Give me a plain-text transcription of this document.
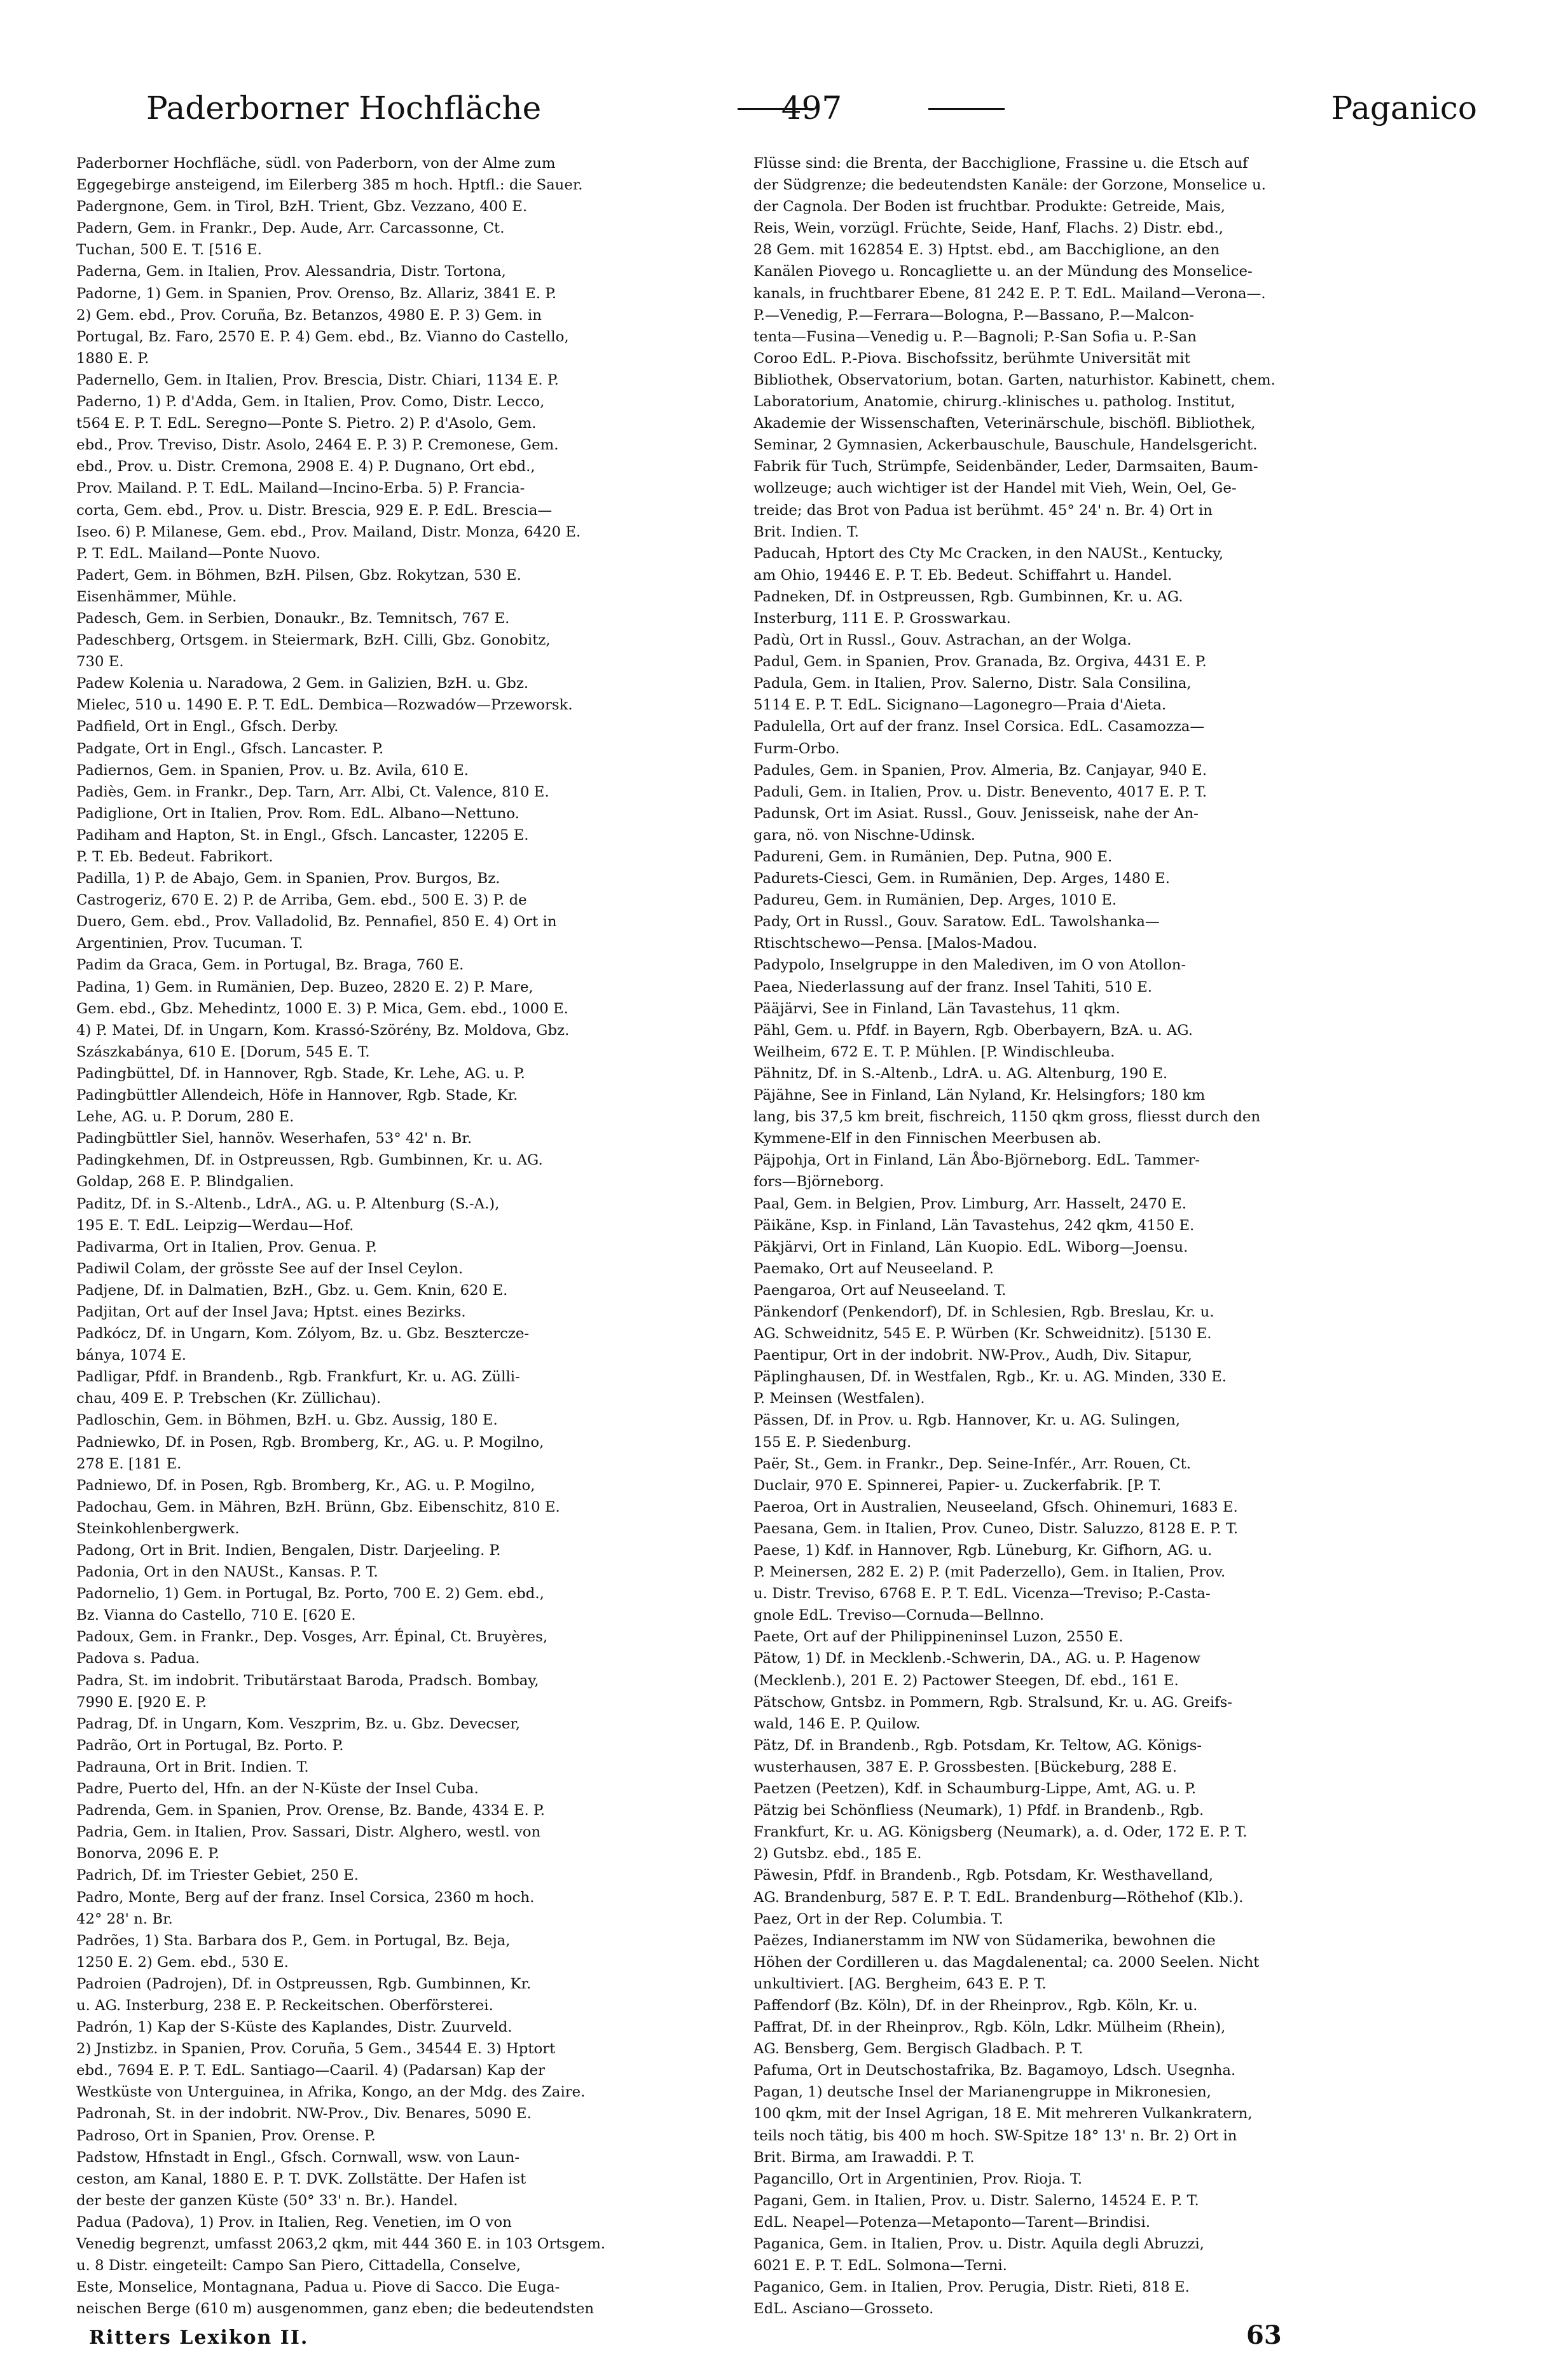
Paderborner Hochfläche	497	Paganico

Paderborner Hochfläche, südl. von Paderborn, von der Alme zum

Eggegebirge ansteigend, im Eilerberg 385 m hoch. Hptfl.: die Sauer.

Padergnone, Gem. in Tirol, BzH. Trient, Gbz. Vezzano, 400 E.

Padern, Gem. in Frankr., Dep. Aude, Arr. Carcassonne, Ct.

Tuchan, 500 E. T. [516 E.

Paderna, Gem. in Italien, Prov. Alessandria, Distr. Tortona,

Padorne, 1) Gem. in Spanien, Prov. Orenso, Bz. Allariz, 3841 E. P.

2) Gem. ebd., Prov. Coruña, Bz. Betanzos, 4980 E. P. 3) Gem. in

Portugal, Bz. Faro, 2570 E. P. 4) Gem. ebd., Bz. Vianno do Castello,

1880 E. P.

Padernello, Gem. in Italien, Prov. Brescia, Distr. Chiari, 1134 E. P.

Paderno, 1) P. d'Adda, Gem. in Italien, Prov. Como, Distr. Lecco,

t564 E. P. T. EdL. Seregno—Ponte S. Pietro. 2) P. d'Asolo, Gem.

ebd., Prov. Treviso, Distr. Asolo, 2464 E. P. 3) P. Cremonese, Gem.

ebd., Prov. u. Distr. Cremona, 2908 E. 4) P. Dugnano, Ort ebd.,

Prov. Mailand. P. T. EdL. Mailand—Incino-Erba. 5) P. Francia-

corta, Gem. ebd., Prov. u. Distr. Brescia, 929 E. P. EdL. Brescia—

Iseo. 6) P. Milanese, Gem. ebd., Prov. Mailand, Distr. Monza, 6420 E.

P. T. EdL. Mailand—Ponte Nuovo.

Padert, Gem. in Böhmen, BzH. Pilsen, Gbz. Rokytzan, 530 E.

Eisenhämmer, Mühle.

Padesch, Gem. in Serbien, Donaukr., Bz. Temnitsch, 767 E.

Padeschberg, Ortsgem. in Steiermark, BzH. Cilli, Gbz. Gonobitz,

730 E.

Padew Kolenia u. Naradowa, 2 Gem. in Galizien, BzH. u. Gbz.

Mielec, 510 u. 1490 E. P. T. EdL. Dembica—Rozwadów—Przeworsk.

Padfield, Ort in Engl., Gfsch. Derby.

Padgate, Ort in Engl., Gfsch. Lancaster. P.

Padiernos, Gem. in Spanien, Prov. u. Bz. Avila, 610 E.

Padiès, Gem. in Frankr., Dep. Tarn, Arr. Albi, Ct. Valence, 810 E.

Padiglione, Ort in Italien, Prov. Rom. EdL. Albano—Nettuno.

Padiham and Hapton, St. in Engl., Gfsch. Lancaster, 12205 E.

P. T. Eb. Bedeut. Fabrikort.

Padilla, 1) P. de Abajo, Gem. in Spanien, Prov. Burgos, Bz.

Castrogeriz, 670 E. 2) P. de Arriba, Gem. ebd., 500 E. 3) P. de

Duero, Gem. ebd., Prov. Valladolid, Bz. Pennafiel, 850 E. 4) Ort in

Argentinien, Prov. Tucuman. T.

Padim da Graca, Gem. in Portugal, Bz. Braga, 760 E.

Padina, 1) Gem. in Rumänien, Dep. Buzeo, 2820 E. 2) P. Mare,

Gem. ebd., Gbz. Mehedintz, 1000 E. 3) P. Mica, Gem. ebd., 1000 E.

4) P. Matei, Df. in Ungarn, Kom. Krassó-Szörény, Bz. Moldova, Gbz.

Szászkabánya, 610 E. [Dorum, 545 E. T.

Padingbüttel, Df. in Hannover, Rgb. Stade, Kr. Lehe, AG. u. P.

Padingbüttler Allendeich, Höfe in Hannover, Rgb. Stade, Kr.

Lehe, AG. u. P. Dorum, 280 E.

Padingbüttler Siel, hannöv. Weserhafen, 53° 42' n. Br.

Padingkehmen, Df. in Ostpreussen, Rgb. Gumbinnen, Kr. u. AG.

Goldap, 268 E. P. Blindgalien.

Paditz, Df. in S.-Altenb., LdrA., AG. u. P. Altenburg (S.-A.),

195 E. T. EdL. Leipzig—Werdau—Hof.

Padivarma, Ort in Italien, Prov. Genua. P.

Padiwil Colam, der grösste See auf der Insel Ceylon.

Padjene, Df. in Dalmatien, BzH., Gbz. u. Gem. Knin, 620 E.

Padjitan, Ort auf der Insel Java; Hptst. eines Bezirks.

Padkócz, Df. in Ungarn, Kom. Zólyom, Bz. u. Gbz. Besztercze-

bánya, 1074 E.

Padligar, Pfdf. in Brandenb., Rgb. Frankfurt, Kr. u. AG. Zülli-

chau, 409 E. P. Trebschen (Kr. Züllichau).

Padloschin, Gem. in Böhmen, BzH. u. Gbz. Aussig, 180 E.

Padniewko, Df. in Posen, Rgb. Bromberg, Kr., AG. u. P. Mogilno,

278 E. [181 E.

Padniewo, Df. in Posen, Rgb. Bromberg, Kr., AG. u. P. Mogilno,

Padochau, Gem. in Mähren, BzH. Brünn, Gbz. Eibenschitz, 810 E.

Steinkohlenbergwerk.

Padong, Ort in Brit. Indien, Bengalen, Distr. Darjeeling. P.

Padonia, Ort in den NAUSt., Kansas. P. T.

Padornelio, 1) Gem. in Portugal, Bz. Porto, 700 E. 2) Gem. ebd.,

Bz. Vianna do Castello, 710 E. [620 E.

Padoux, Gem. in Frankr., Dep. Vosges, Arr. Épinal, Ct. Bruyères,

Padova s. Padua.

Padra, St. im indobrit. Tributärstaat Baroda, Pradsch. Bombay,

7990 E. [920 E. P.

Padrag, Df. in Ungarn, Kom. Veszprim, Bz. u. Gbz. Devecser,

Padrão, Ort in Portugal, Bz. Porto. P.

Padrauna, Ort in Brit. Indien. T.

Padre, Puerto del, Hfn. an der N-Küste der Insel Cuba.

Padrenda, Gem. in Spanien, Prov. Orense, Bz. Bande, 4334 E. P.

Padria, Gem. in Italien, Prov. Sassari, Distr. Alghero, westl. von

Bonorva, 2096 E. P.

Padrich, Df. im Triester Gebiet, 250 E.

Padro, Monte, Berg auf der franz. Insel Corsica, 2360 m hoch.

42° 28' n. Br.

Padrões, 1) Sta. Barbara dos P., Gem. in Portugal, Bz. Beja,

1250 E. 2) Gem. ebd., 530 E.

Padroien (Padrojen), Df. in Ostpreussen, Rgb. Gumbinnen, Kr.

u. AG. Insterburg, 238 E. P. Reckeitschen. Oberförsterei.

Padrón, 1) Kap der S-Küste des Kaplandes, Distr. Zuurveld.

2) Jnstizbz. in Spanien, Prov. Coruña, 5 Gem., 34544 E. 3) Hptort

ebd., 7694 E. P. T. EdL. Santiago—Caaril. 4) (Padarsan) Kap der

Westküste von Unterguinea, in Afrika, Kongo, an der Mdg. des Zaire.

Padronah, St. in der indobrit. NW-Prov., Div. Benares, 5090 E.

Padroso, Ort in Spanien, Prov. Orense. P.

Padstow, Hfnstadt in Engl., Gfsch. Cornwall, wsw. von Laun-

ceston, am Kanal, 1880 E. P. T. DVK. Zollstätte. Der Hafen ist

der beste der ganzen Küste (50° 33' n. Br.). Handel.

Padua (Padova), 1) Prov. in Italien, Reg. Venetien, im O von

Venedig begrenzt, umfasst 2063,2 qkm, mit 444 360 E. in 103 Ortsgem.

u. 8 Distr. eingeteilt: Campo San Piero, Cittadella, Conselve,

Este, Monselice, Montagnana, Padua u. Piove di Sacco. Die Euga-

neischen Berge (610 m) ausgenommen, ganz eben; die bedeutendsten

Flüsse sind: die Brenta, der Bacchiglione, Frassine u. die Etsch auf

der Südgrenze; die bedeutendsten Kanäle: der Gorzone, Monselice u.

der Cagnola. Der Boden ist fruchtbar. Produkte: Getreide, Mais,

Reis, Wein, vorzügl. Früchte, Seide, Hanf, Flachs. 2) Distr. ebd.,

28 Gem. mit 162854 E. 3) Hptst. ebd., am Bacchiglione, an den

Kanälen Piovego u. Roncagliette u. an der Mündung des Monselice-

kanals, in fruchtbarer Ebene, 81 242 E. P. T. EdL. Mailand—Verona—.

P.—Venedig, P.—Ferrara—Bologna, P.—Bassano, P.—Malcon-

tenta—Fusina—Venedig u. P.—Bagnoli; P.-San Sofia u. P.-San

Coroo EdL. P.-Piova. Bischofssitz, berühmte Universität mit

Bibliothek, Observatorium, botan. Garten, naturhistor. Kabinett, chem.

Laboratorium, Anatomie, chirurg.-klinisches u. patholog. Institut,

Akademie der Wissenschaften, Veterinärschule, bischöfl. Bibliothek,

Seminar, 2 Gymnasien, Ackerbauschule, Bauschule, Handelsgericht.

Fabrik für Tuch, Strümpfe, Seidenbänder, Leder, Darmsaiten, Baum-

wollzeuge; auch wichtiger ist der Handel mit Vieh, Wein, Oel, Ge-

treide; das Brot von Padua ist berühmt. 45° 24' n. Br. 4) Ort in

Brit. Indien. T.

Paducah, Hptort des Cty Mc Cracken, in den NAUSt., Kentucky,

am Ohio, 19446 E. P. T. Eb. Bedeut. Schiffahrt u. Handel.

Padneken, Df. in Ostpreussen, Rgb. Gumbinnen, Kr. u. AG.

Insterburg, 111 E. P. Grosswarkau.

Padù, Ort in Russl., Gouv. Astrachan, an der Wolga.

Padul, Gem. in Spanien, Prov. Granada, Bz. Orgiva, 4431 E. P.

Padula, Gem. in Italien, Prov. Salerno, Distr. Sala Consilina,

5114 E. P. T. EdL. Sicignano—Lagonegro—Praia d'Aieta.

Padulella, Ort auf der franz. Insel Corsica. EdL. Casamozza—

Furm-Orbo.

Padules, Gem. in Spanien, Prov. Almeria, Bz. Canjayar, 940 E.

Paduli, Gem. in Italien, Prov. u. Distr. Benevento, 4017 E. P. T.

Padunsk, Ort im Asiat. Russl., Gouv. Jenisseisk, nahe der An-

gara, nö. von Nischne-Udinsk.

Padureni, Gem. in Rumänien, Dep. Putna, 900 E.

Padurets-Ciesci, Gem. in Rumänien, Dep. Arges, 1480 E.

Padureu, Gem. in Rumänien, Dep. Arges, 1010 E.

Pady, Ort in Russl., Gouv. Saratow. EdL. Tawolshanka—

Rtischtschewo—Pensa. [Malos-Madou.

Padypolo, Inselgruppe in den Malediven, im O von Atollon-

Paea, Niederlassung auf der franz. Insel Tahiti, 510 E.

Pääjärvi, See in Finland, Län Tavastehus, 11 qkm.

Pähl, Gem. u. Pfdf. in Bayern, Rgb. Oberbayern, BzA. u. AG.

Weilheim, 672 E. T. P. Mühlen. [P. Windischleuba.

Pähnitz, Df. in S.-Altenb., LdrA. u. AG. Altenburg, 190 E.

Päjähne, See in Finland, Län Nyland, Kr. Helsingfors; 180 km

lang, bis 37,5 km breit, fischreich, 1150 qkm gross, fliesst durch den

Kymmene-Elf in den Finnischen Meerbusen ab.

Päjpohja, Ort in Finland, Län Åbo-Björneborg. EdL. Tammer-

fors—Björneborg.

Paal, Gem. in Belgien, Prov. Limburg, Arr. Hasselt, 2470 E.

Päikäne, Ksp. in Finland, Län Tavastehus, 242 qkm, 4150 E.

Päkjärvi, Ort in Finland, Län Kuopio. EdL. Wiborg—Joensu.

Paemako, Ort auf Neuseeland. P.

Paengaroa, Ort auf Neuseeland. T.

Pänkendorf (Penkendorf), Df. in Schlesien, Rgb. Breslau, Kr. u.

AG. Schweidnitz, 545 E. P. Würben (Kr. Schweidnitz). [5130 E.

Paentipur, Ort in der indobrit. NW-Prov., Audh, Div. Sitapur,

Päplinghausen, Df. in Westfalen, Rgb., Kr. u. AG. Minden, 330 E.

P. Meinsen (Westfalen).

Pässen, Df. in Prov. u. Rgb. Hannover, Kr. u. AG. Sulingen,

155 E. P. Siedenburg.

Paër, St., Gem. in Frankr., Dep. Seine-Infér., Arr. Rouen, Ct.

Duclair, 970 E. Spinnerei, Papier- u. Zuckerfabrik. [P. T.

Paeroa, Ort in Australien, Neuseeland, Gfsch. Ohinemuri, 1683 E.

Paesana, Gem. in Italien, Prov. Cuneo, Distr. Saluzzo, 8128 E. P. T.

Paese, 1) Kdf. in Hannover, Rgb. Lüneburg, Kr. Gifhorn, AG. u.

P. Meinersen, 282 E. 2) P. (mit Paderzello), Gem. in Italien, Prov.

u. Distr. Treviso, 6768 E. P. T. EdL. Vicenza—Treviso; P.-Casta-

gnole EdL. Treviso—Cornuda—Bellnno.

Paete, Ort auf der Philippineninsel Luzon, 2550 E.

Pätow, 1) Df. in Mecklenb.-Schwerin, DA., AG. u. P. Hagenow

(Mecklenb.), 201 E. 2) Pactower Steegen, Df. ebd., 161 E.

Pätschow, Gntsbz. in Pommern, Rgb. Stralsund, Kr. u. AG. Greifs-

wald, 146 E. P. Quilow.

Pätz, Df. in Brandenb., Rgb. Potsdam, Kr. Teltow, AG. Königs-

wusterhausen, 387 E. P. Grossbesten. [Bückeburg, 288 E.

Paetzen (Peetzen), Kdf. in Schaumburg-Lippe, Amt, AG. u. P.

Pätzig bei Schönfliess (Neumark), 1) Pfdf. in Brandenb., Rgb.

Frankfurt, Kr. u. AG. Königsberg (Neumark), a. d. Oder, 172 E. P. T.

2) Gutsbz. ebd., 185 E.

Päwesin, Pfdf. in Brandenb., Rgb. Potsdam, Kr. Westhavelland,

AG. Brandenburg, 587 E. P. T. EdL. Brandenburg—Röthehof (Klb.).

Paez, Ort in der Rep. Columbia. T.

Paëzes, Indianerstamm im NW von Südamerika, bewohnen die

Höhen der Cordilleren u. das Magdalenental; ca. 2000 Seelen. Nicht

unkultiviert. [AG. Bergheim, 643 E. P. T.

Paffendorf (Bz. Köln), Df. in der Rheinprov., Rgb. Köln, Kr. u.

Paffrat, Df. in der Rheinprov., Rgb. Köln, Ldkr. Mülheim (Rhein),

AG. Bensberg, Gem. Bergisch Gladbach. P. T.

Pafuma, Ort in Deutschostafrika, Bz. Bagamoyo, Ldsch. Usegnha.

Pagan, 1) deutsche Insel der Marianengruppe in Mikronesien,

100 qkm, mit der Insel Agrigan, 18 E. Mit mehreren Vulkankratern,

teils noch tätig, bis 400 m hoch. SW-Spitze 18° 13' n. Br. 2) Ort in

Brit. Birma, am Irawaddi. P. T.

Pagancillo, Ort in Argentinien, Prov. Rioja. T.

Pagani, Gem. in Italien, Prov. u. Distr. Salerno, 14524 E. P. T.

EdL. Neapel—Potenza—Metaponto—Tarent—Brindisi.

Paganica, Gem. in Italien, Prov. u. Distr. Aquila degli Abruzzi,

6021 E. P. T. EdL. Solmona—Terni.

Paganico, Gem. in Italien, Prov. Perugia, Distr. Rieti, 818 E.

EdL. Asciano—Grosseto.

Ritters Lexikon II.	63
